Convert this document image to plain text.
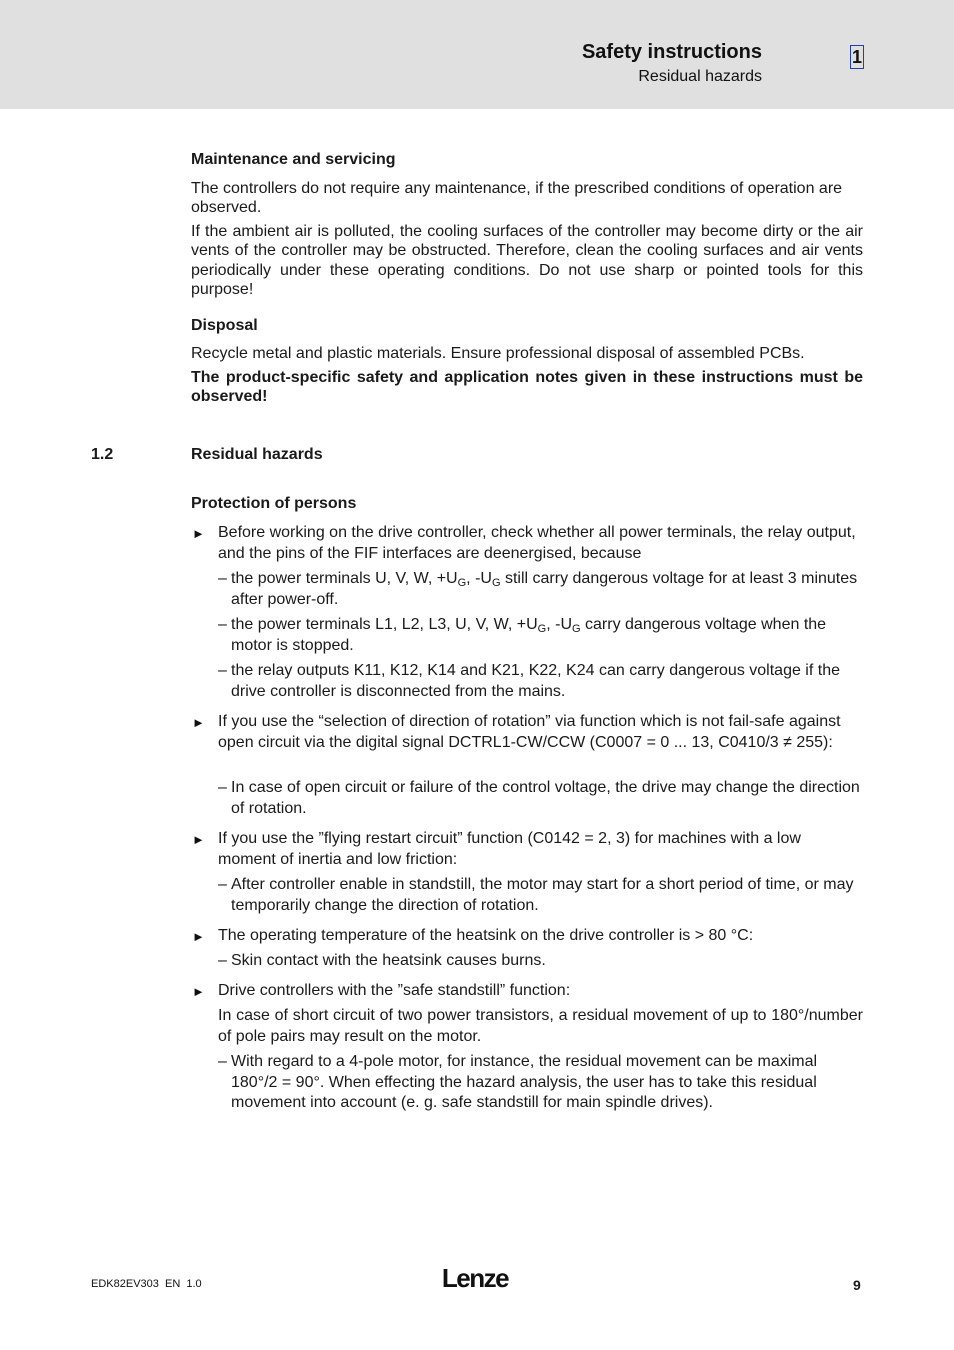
Safety instructions
Residual hazards
1
Maintenance and servicing
The controllers do not require any maintenance, if the prescribed conditions of operation are observed.
If the ambient air is polluted, the cooling surfaces of the controller may become dirty or the air vents of the controller may be obstructed. Therefore, clean the cooling surfaces and air vents periodically under these operating conditions. Do not use sharp or pointed tools for this purpose!
Disposal
Recycle metal and plastic materials. Ensure professional disposal of assembled PCBs.
The product-specific safety and application notes given in these instructions must be observed!
1.2	Residual hazards
Protection of persons
► Before working on the drive controller, check whether all power terminals, the relay output, and the pins of the FIF interfaces are deenergised, because
– the power terminals U, V, W, $+U_G$, $-U_G$ still carry dangerous voltage for at least 3 minutes after power-off.
– the power terminals L1, L2, L3, U, V, W, $+U_G$, $-U_G$ carry dangerous voltage when the motor is stopped.
– the relay outputs K11, K12, K14 and K21, K22, K24 can carry dangerous voltage if the drive controller is disconnected from the mains.
► If you use the “selection of direction of rotation” via function which is not fail-safe against open circuit via the digital signal DCTRL1-CW/CCW (C0007 = 0 ... 13, C0410/3 ≠ 255):
– In case of open circuit or failure of the control voltage, the drive may change the direction of rotation.
► If you use the ”flying restart circuit” function (C0142 = 2, 3) for machines with a low moment of inertia and low friction:
– After controller enable in standstill, the motor may start for a short period of time, or may temporarily change the direction of rotation.
► The operating temperature of the heatsink on the drive controller is > 80 °C:
– Skin contact with the heatsink causes burns.
► Drive controllers with the ”safe standstill” function:
In case of short circuit of two power transistors, a residual movement of up to 180°/number of pole pairs may result on the motor.
– With regard to a 4-pole motor, for instance, the residual movement can be maximal 180°/2 = 90°. When effecting the hazard analysis, the user has to take this residual movement into account (e. g. safe standstill for main spindle drives).
EDK82EV303  EN  1.0	Lenze	9
